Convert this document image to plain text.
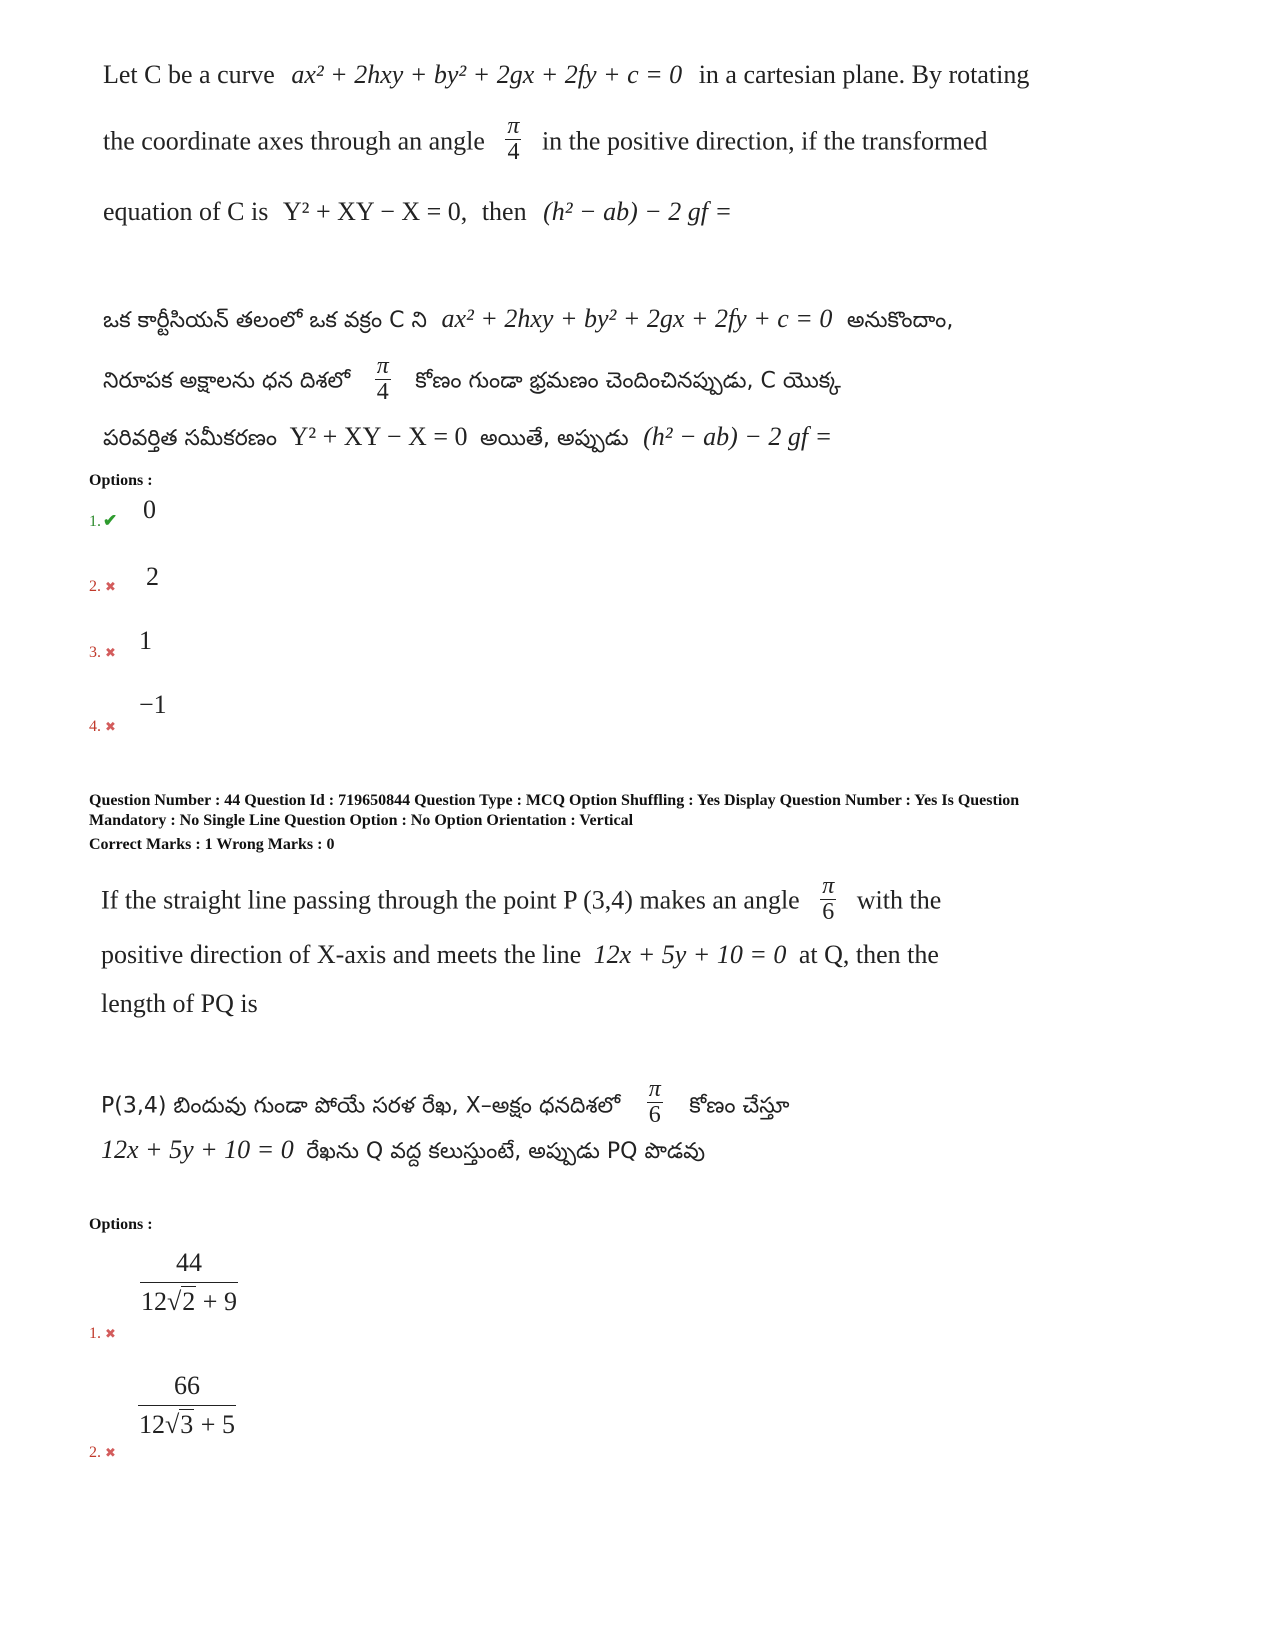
Let C be a curve ax² + 2hxy + by² + 2gx + 2fy + c = 0 in a cartesian plane. By rotating
the coordinate axes through an angle $\frac{\pi}{4}$ in the positive direction, if the transformed
equation of C is Y² + XY − X = 0, then (h² − ab) − 2 gf =
ఒక కార్టీసియన్ తలంలో ఒక వక్రం C ని ax² + 2hxy + by² + 2gx + 2fy + c = 0 అనుకొందాం,
నిరూపక అక్షాలను ధన దిశలో $\frac{\pi}{4}$ కోణం గుండా భ్రమణం చెందించినప్పుడు, C యొక్క
పరివర్తిత సమీకరణం Y² + XY − X = 0 అయితే, అప్పుడు (h² − ab) − 2 gf =
Options :
1. ✔ 0
2. ✖ 2
3. ✖ 1
4. ✖
−1
Question Number : 44 Question Id : 719650844 Question Type : MCQ Option Shuffling : Yes Display Question Number : Yes Is Question
Mandatory : No Single Line Question Option : No Option Orientation : Vertical
Correct Marks : 1 Wrong Marks : 0
If the straight line passing through the point P (3,4) makes an angle $\frac{\pi}{6}$ with the
positive direction of X-axis and meets the line 12x + 5y + 10 = 0 at Q, then the
length of PQ is
P(3,4) బిందువు గుండా పోయే సరళ రేఖ, X–అక్షం ధనదిశలో $\frac{\pi}{6}$ కోణం చేస్తూ
12x + 5y + 10 = 0 రేఖను Q వద్ద కలుస్తుంటే, అప్పుడు PQ పొడవు
Options :
$\frac{44}{12√2 + 9}$
1. ✖
$\frac{66}{12√3 + 5}$
2. ✖
